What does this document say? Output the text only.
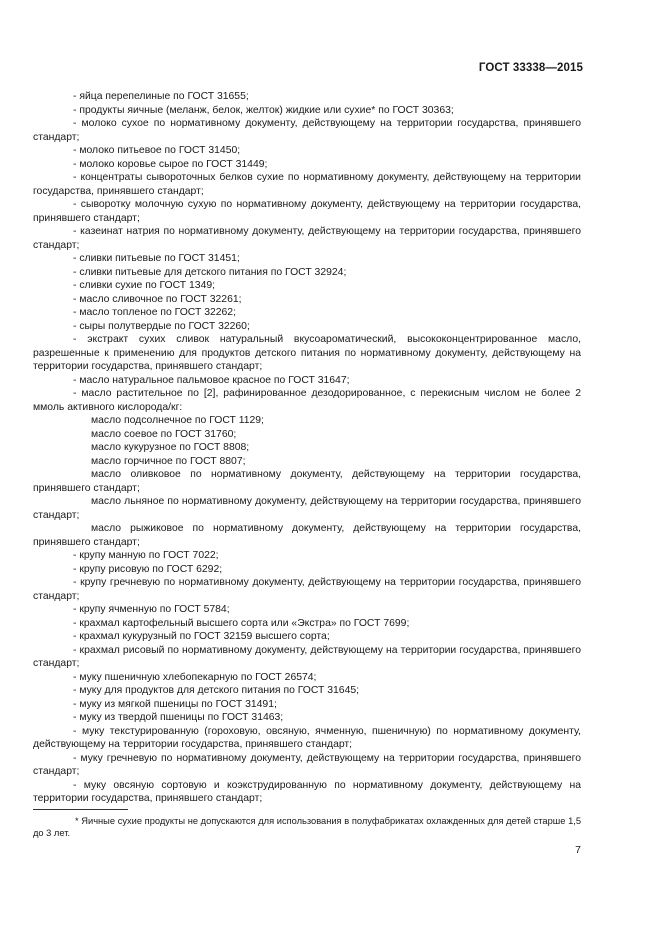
ГОСТ 33338—2015

- яйца перепелиные по ГОСТ 31655;

- продукты яичные (меланж, белок, желток) жидкие или сухие* по ГОСТ 30363;

- молоко сухое по нормативному документу, действующему на территории государства, принявшего стандарт;

- молоко питьевое по ГОСТ 31450;

- молоко коровье сырое по ГОСТ 31449;

- концентраты сывороточных белков сухие по нормативному документу, действующему на территории государства, принявшего стандарт;

- сыворотку молочную сухую по нормативному документу, действующему на территории государства, принявшего стандарт;

- казеинат натрия по нормативному документу, действующему на территории государства, принявшего стандарт;

- сливки питьевые по ГОСТ 31451;

- сливки питьевые для детского питания по ГОСТ 32924;

- сливки сухие по ГОСТ 1349;

- масло сливочное по ГОСТ 32261;

- масло топленое по ГОСТ 32262;

- сыры полутвердые по ГОСТ 32260;

- экстракт сухих сливок натуральный вкусоароматический, высококонцентрированное масло, разрешенные к применению для продуктов детского питания по нормативному документу, действующему на территории государства, принявшего стандарт;

- масло натуральное пальмовое красное по ГОСТ 31647;

- масло растительное по [2], рафинированное дезодорированное, с перекисным числом не более 2 ммоль активного кислорода/кг:

масло подсолнечное по ГОСТ 1129;

масло соевое по ГОСТ 31760;

масло кукурузное по ГОСТ 8808;

масло горчичное по ГОСТ 8807;

масло оливковое по нормативному документу, действующему на территории государства, принявшего стандарт;

масло льняное по нормативному документу, действующему на территории государства, принявшего стандарт;

масло рыжиковое по нормативному документу, действующему на территории государства, принявшего стандарт;

- крупу манную по ГОСТ 7022;

- крупу рисовую по ГОСТ 6292;

- крупу гречневую по нормативному документу, действующему на территории государства, принявшего стандарт;

- крупу ячменную по ГОСТ 5784;

- крахмал картофельный высшего сорта или «Экстра» по ГОСТ 7699;

- крахмал кукурузный по ГОСТ 32159 высшего сорта;

- крахмал рисовый по нормативному документу, действующему на территории государства, принявшего стандарт;

- муку пшеничную хлебопекарную по ГОСТ 26574;

- муку для продуктов для детского питания по ГОСТ 31645;

- муку из мягкой пшеницы по ГОСТ 31491;

- муку из твердой пшеницы по ГОСТ 31463;

- муку текстурированную (гороховую, овсяную, ячменную, пшеничную) по нормативному документу, действующему на территории государства, принявшего стандарт;

- муку гречневую по нормативному документу, действующему на территории государства, принявшего стандарт;

- муку овсяную сортовую и коэкструдированную по нормативному документу, действующему на территории государства, принявшего стандарт;

* Яичные сухие продукты не допускаются для использования в полуфабрикатах охлажденных для детей старше 1,5 до 3 лет.

7
